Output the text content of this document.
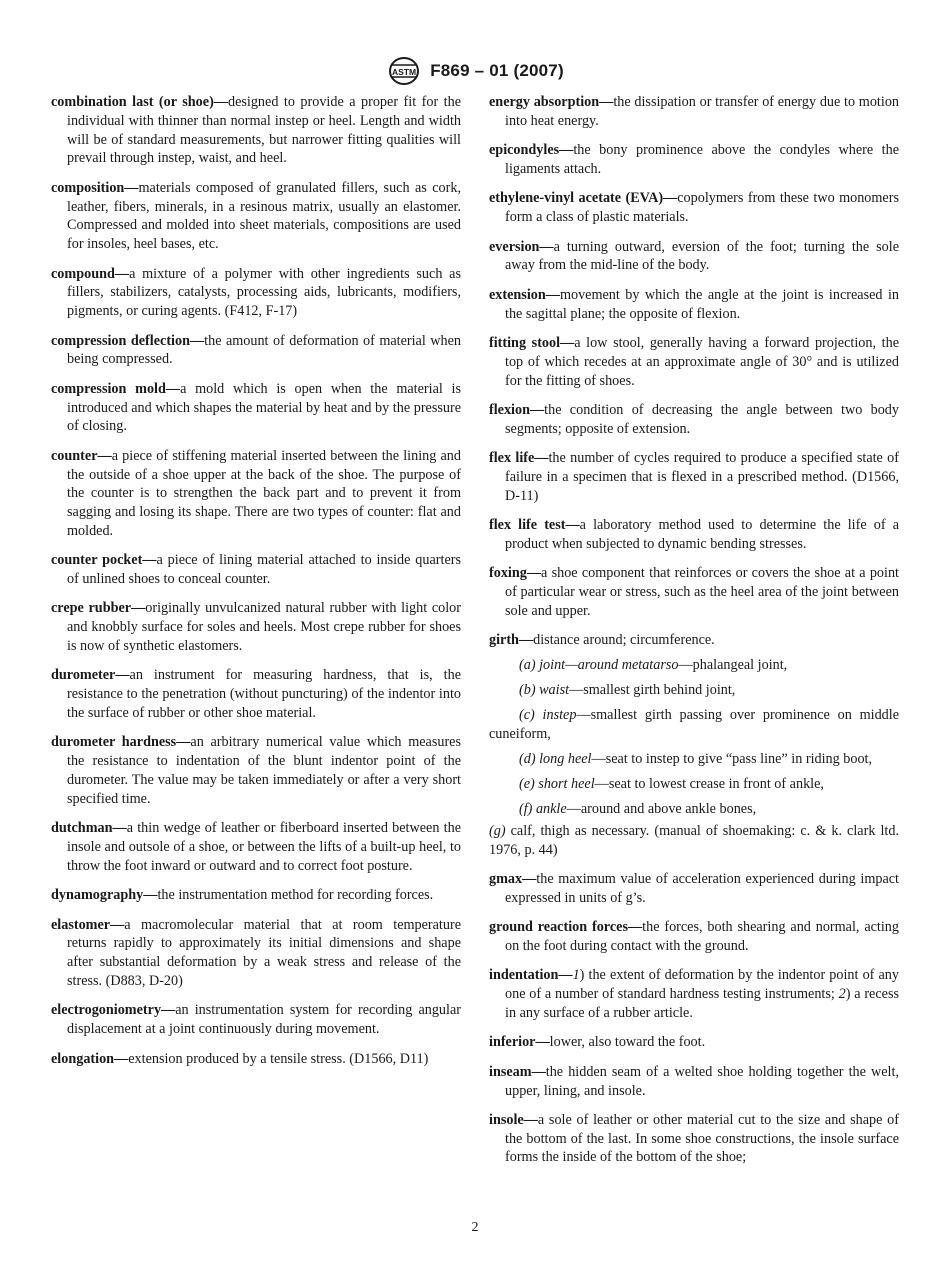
ASTM F869 – 01 (2007)

combination last (or shoe)—designed to provide a proper fit for the individual with thinner than normal instep or heel. Length and width will be of standard measurements, but narrower fitting qualities will prevail through instep, waist, and heel.

composition—materials composed of granulated fillers, such as cork, leather, fibers, minerals, in a resinous matrix, usually an elastomer. Compressed and molded into sheet materials, compositions are used for insoles, heel bases, etc.

compound—a mixture of a polymer with other ingredients such as fillers, stabilizers, catalysts, processing aids, lubricants, modifiers, pigments, or curing agents. (F412, F-17)

compression deflection—the amount of deformation of material when being compressed.

compression mold—a mold which is open when the material is introduced and which shapes the material by heat and by the pressure of closing.

counter—a piece of stiffening material inserted between the lining and the outside of a shoe upper at the back of the shoe. The purpose of the counter is to strengthen the back part and to prevent it from sagging and losing its shape. There are two types of counter: flat and molded.

counter pocket—a piece of lining material attached to inside quarters of unlined shoes to conceal counter.

crepe rubber—originally unvulcanized natural rubber with light color and knobbly surface for soles and heels. Most crepe rubber for shoes is now of synthetic elastomers.

durometer—an instrument for measuring hardness, that is, the resistance to the penetration (without puncturing) of the indentor into the surface of rubber or other shoe material.

durometer hardness—an arbitrary numerical value which measures the resistance to indentation of the blunt indentor point of the durometer. The value may be taken immediately or after a very short specified time.

dutchman—a thin wedge of leather or fiberboard inserted between the insole and outsole of a shoe, or between the lifts of a built-up heel, to throw the foot inward or outward and to correct foot posture.

dynamography—the instrumentation method for recording forces.

elastomer—a macromolecular material that at room temperature returns rapidly to approximately its initial dimensions and shape after substantial deformation by a weak stress and release of the stress. (D883, D-20)

electrogoniometry—an instrumentation system for recording angular displacement at a joint continuously during movement.

elongation—extension produced by a tensile stress. (D1566, D11)

energy absorption—the dissipation or transfer of energy due to motion into heat energy.

epicondyles—the bony prominence above the condyles where the ligaments attach.

ethylene-vinyl acetate (EVA)—copolymers from these two monomers form a class of plastic materials.

eversion—a turning outward, eversion of the foot; turning the sole away from the mid-line of the body.

extension—movement by which the angle at the joint is increased in the sagittal plane; the opposite of flexion.

fitting stool—a low stool, generally having a forward projection, the top of which recedes at an approximate angle of 30° and is utilized for the fitting of shoes.

flexion—the condition of decreasing the angle between two body segments; opposite of extension.

flex life—the number of cycles required to produce a specified state of failure in a specimen that is flexed in a prescribed method. (D1566, D-11)

flex life test—a laboratory method used to determine the life of a product when subjected to dynamic bending stresses.

foxing—a shoe component that reinforces or covers the shoe at a point of particular wear or stress, such as the heel area of the joint between sole and upper.

girth—distance around; circumference.

(a) joint—around metatarso—phalangeal joint,

(b) waist—smallest girth behind joint,

(c) instep—smallest girth passing over prominence on middle cuneiform,

(d) long heel—seat to instep to give “pass line” in riding boot,

(e) short heel—seat to lowest crease in front of ankle,

(f) ankle—around and above ankle bones,

(g) calf, thigh as necessary. (manual of shoemaking: c. & k. clark ltd. 1976, p. 44)

gmax—the maximum value of acceleration experienced during impact expressed in units of g’s.

ground reaction forces—the forces, both shearing and normal, acting on the foot during contact with the ground.

indentation—1) the extent of deformation by the indentor point of any one of a number of standard hardness testing instruments; 2) a recess in any surface of a rubber article.

inferior—lower, also toward the foot.

inseam—the hidden seam of a welted shoe holding together the welt, upper, lining, and insole.

insole—a sole of leather or other material cut to the size and shape of the bottom of the last. In some shoe constructions, the insole surface forms the inside of the bottom of the shoe;

2
